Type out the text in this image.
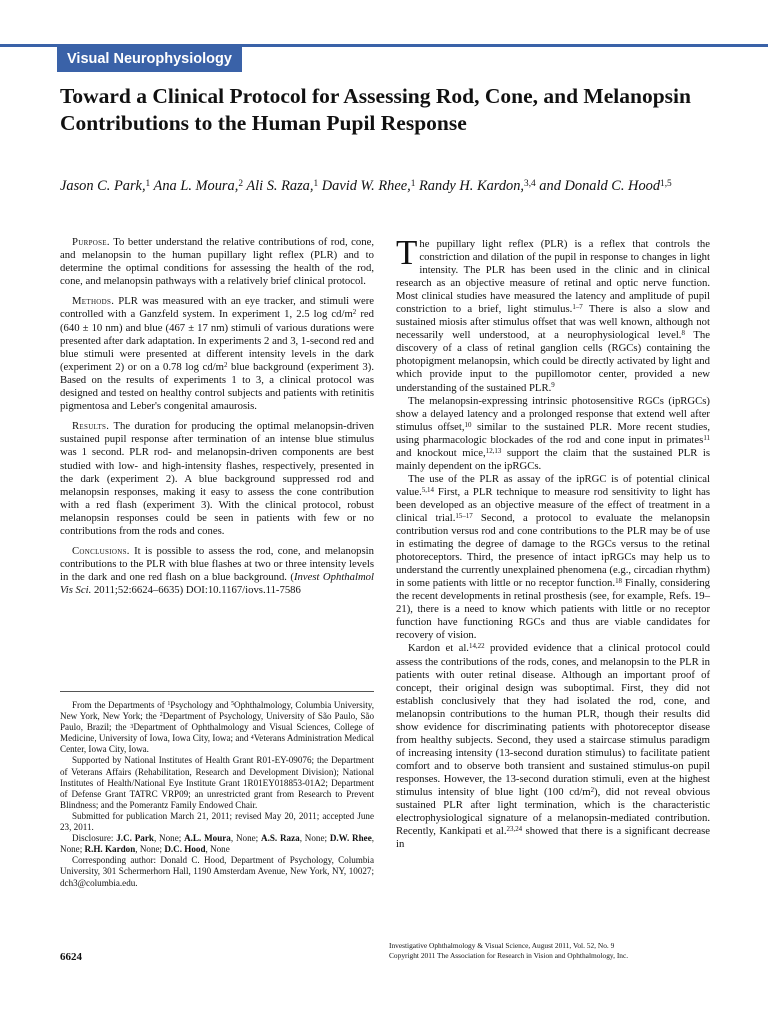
Visual Neurophysiology
Toward a Clinical Protocol for Assessing Rod, Cone, and Melanopsin Contributions to the Human Pupil Response

Jason C. Park,$^1$ Ana L. Moura,$^2$ Ali S. Raza,$^1$ David W. Rhee,$^1$ Randy H. Kardon,$^{3,4}$ and Donald C. Hood$^{1,5}$

Purpose. To better understand the relative contributions of rod, cone, and melanopsin to the human pupillary light reflex (PLR) and to determine the optimal conditions for assessing the health of the rod, cone, and melanopsin pathways with a relatively brief clinical protocol.

Methods. PLR was measured with an eye tracker, and stimuli were controlled with a Ganzfeld system. In experiment 1, 2.5 $\log cd/m^2$ red (640 ± 10 nm) and blue (467 ± 17 nm) stimuli of various durations were presented after dark adaptation. In experiments 2 and 3, 1-second red and blue stimuli were presented at different intensity levels in the dark (experiment 2) or on a 0.78 $\log cd/m^2$ blue background (experiment 3). Based on the results of experiments 1 to 3, a clinical protocol was designed and tested on healthy control subjects and patients with retinitis pigmentosa and Leber's congenital amaurosis.

Results. The duration for producing the optimal melanopsin-driven sustained pupil response after termination of an intense blue stimulus was 1 second. PLR rod- and melanopsin-driven components are best studied with low- and high-intensity flashes, respectively, presented in the dark (experiment 2). A blue background suppressed rod and melanopsin responses, making it easy to assess the cone contribution with a red flash (experiment 3). With the clinical protocol, robust melanopsin responses could be seen in patients with few or no contributions from the rods and cones.

Conclusions. It is possible to assess the rod, cone, and melanopsin contributions to the PLR with blue flashes at two or three intensity levels in the dark and one red flash on a blue background. (Invest Ophthalmol Vis Sci. 2011;52:6624–6635) DOI:10.1167/iovs.11-7586

From the Departments of $^1$Psychology and $^5$Ophthalmology, Columbia University, New York, New York; the $^2$Department of Psychology, University of São Paulo, São Paulo, Brazil; the $^3$Department of Ophthalmology and Visual Sciences, College of Medicine, University of Iowa, Iowa City, Iowa; and $^4$Veterans Administration Medical Center, Iowa City, Iowa.

Supported by National Institutes of Health Grant R01-EY-09076; the Department of Veterans Affairs (Rehabilitation, Research and Development Division); National Institutes of Health/National Eye Institute Grant 1R01EY018853-01A2; Department of Defense Grant TATRC VRP09; an unrestricted grant from Research to Prevent Blindness; and the Pomerantz Family Endowed Chair.

Submitted for publication March 21, 2011; revised May 20, 2011; accepted June 23, 2011.

Disclosure: J.C. Park, None; A.L. Moura, None; A.S. Raza, None; D.W. Rhee, None; R.H. Kardon, None; D.C. Hood, None

Corresponding author: Donald C. Hood, Department of Psychology, Columbia University, 301 Schermerhorn Hall, 1190 Amsterdam Avenue, New York, NY, 10027; dch3@columbia.edu.

The pupillary light reflex (PLR) is a reflex that controls the constriction and dilation of the pupil in response to changes in light intensity. The PLR has been used in the clinic and in clinical research as an objective measure of retinal and optic nerve function. Most clinical studies have measured the latency and amplitude of pupil constriction to a brief, light stimulus.$^{1-7}$ There is also a slow and sustained miosis after stimulus offset that was well known, although not necessarily well understood, at a neurophysiological level.$^8$ The discovery of a class of retinal ganglion cells (RGCs) containing the photopigment melanopsin, which could be directly activated by light and which provide input to the pupillomotor center, provided a new understanding of the sustained PLR.$^9$

The melanopsin-expressing intrinsic photosensitive RGCs (ipRGCs) show a delayed latency and a prolonged response that extend well after stimulus offset,$^{10}$ similar to the sustained PLR. More recent studies, using pharmacologic blockades of the rod and cone input in primates$^{11}$ and knockout mice,$^{12,13}$ support the claim that the sustained PLR is mainly dependent on the ipRGCs.

The use of the PLR as assay of the ipRGC is of potential clinical value.$^{5,14}$ First, a PLR technique to measure rod sensitivity to light has been developed as an objective measure of the effect of treatment in a clinical trial.$^{15-17}$ Second, a protocol to evaluate the melanopsin contribution versus rod and cone contributions to the PLR may be of use in estimating the degree of damage to the RGCs versus to the retinal photoreceptors. Third, the presence of intact ipRGCs may help us to understand the currently unexplained phenomena (e.g., circadian rhythm) in some patients with little or no receptor function.$^{18}$ Finally, considering the recent developments in retinal prosthesis (see, for example, Refs. 19–21), there is a need to know which patients with little or no receptor function have functioning RGCs and thus are viable candidates for recovery of vision.

Kardon et al.$^{14,22}$ provided evidence that a clinical protocol could assess the contributions of the rods, cones, and melanopsin to the PLR in patients with outer retinal disease. Although an important proof of concept, their original design was suboptimal. First, they did not establish conclusively that they had isolated the rod, cone, and melanopsin contributions to the human PLR, though their results did show evidence for discriminating patients with photoreceptor disease from healthy subjects. Second, they used a staircase stimulus paradigm of increasing intensity (13-second duration stimulus) to facilitate patient comfort and to observe both transient and sustained stimulus-on pupil responses. However, the 13-second duration stimuli, even at the highest stimulus intensity of blue light (100 $cd/m^2$), did not reveal obvious sustained PLR after light termination, which is the characteristic electrophysiological signature of a melanopsin-mediated contribution. Recently, Kankipati et al.$^{23,24}$ showed that there is a significant decrease in

6624
Investigative Ophthalmology & Visual Science, August 2011, Vol. 52, No. 9
Copyright 2011 The Association for Research in Vision and Ophthalmology, Inc.
